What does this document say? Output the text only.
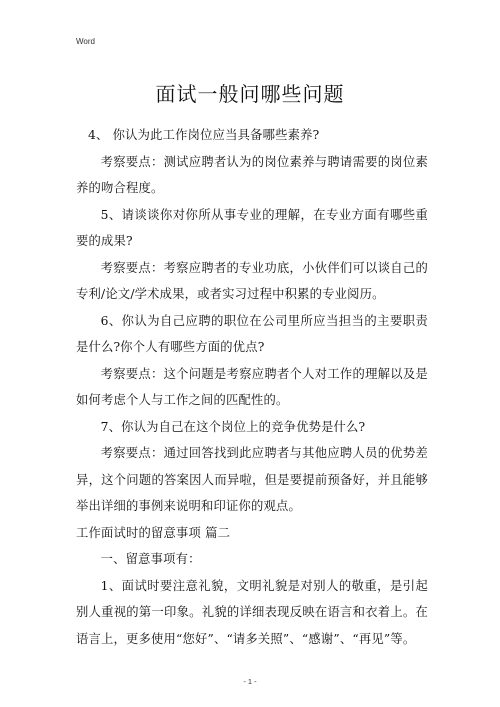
Word
面试一般问哪些问题

4、 你认为此工作岗位应当具备哪些素养?

考察要点：测试应聘者认为的岗位素养与聘请需要的岗位素养的吻合程度。

5、请谈谈你对你所从事专业的理解，在专业方面有哪些重要的成果?

考察要点：考察应聘者的专业功底，小伙伴们可以谈自己的专利/论文/学术成果，或者实习过程中积累的专业阅历。

6、你认为自己应聘的职位在公司里所应当担当的主要职责是什么?你个人有哪些方面的优点?

考察要点：这个问题是考察应聘者个人对工作的理解以及是如何考虑个人与工作之间的匹配性的。

7、你认为自己在这个岗位上的竞争优势是什么?

考察要点：通过回答找到此应聘者与其他应聘人员的优势差异，这个问题的答案因人而异啦，但是要提前预备好，并且能够举出详细的事例来说明和印证你的观点。

工作面试时的留意事项 篇二

一、留意事项有：

1、面试时要注意礼貌，文明礼貌是对别人的敬重，是引起别人重视的第一印象。礼貌的详细表现反映在语言和衣着上。在语言上，更多使用“您好”、“请多关照”、“感谢”、“再见”等。

- 1 -
